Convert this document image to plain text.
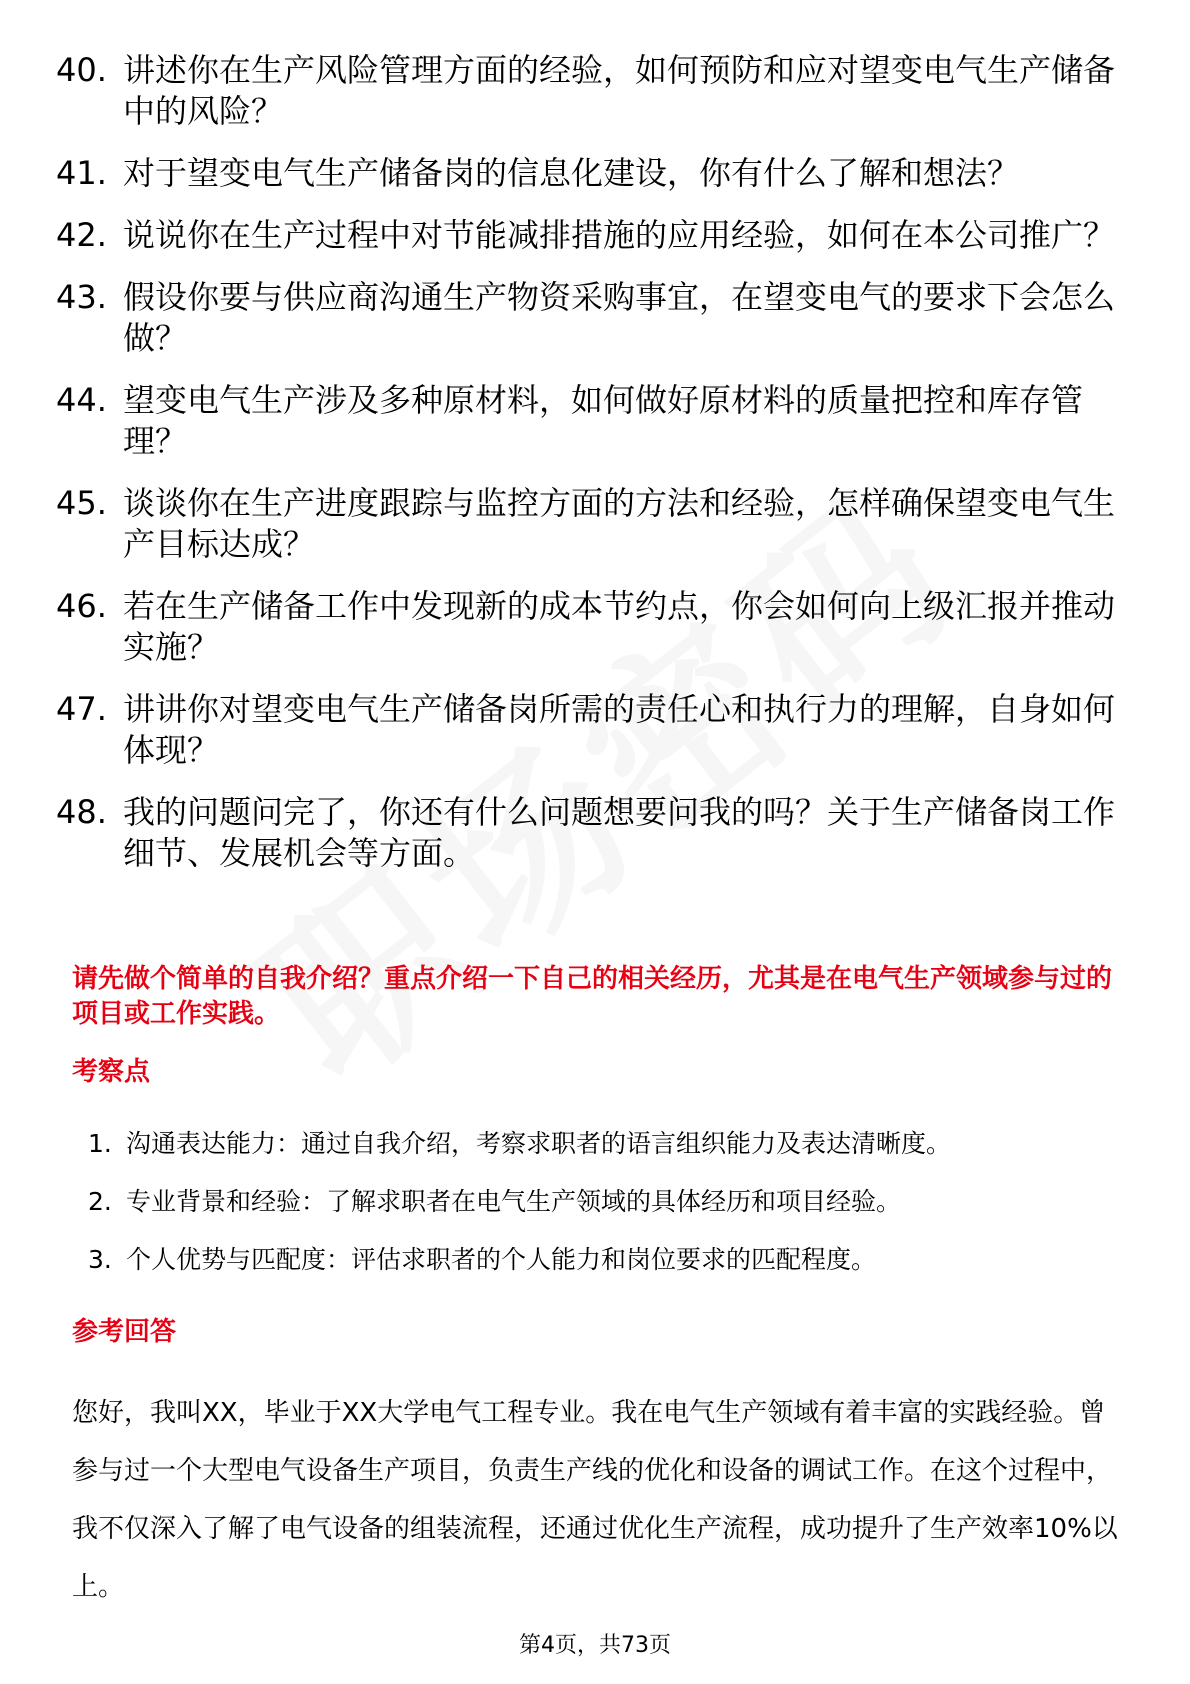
40. 讲述你在生产风险管理方面的经验，如何预防和应对望变电气生产储备中的风险？
41. 对于望变电气生产储备岗的信息化建设，你有什么了解和想法？
42. 说说你在生产过程中对节能减排措施的应用经验，如何在本公司推广？
43. 假设你要与供应商沟通生产物资采购事宜，在望变电气的要求下会怎么做？
44. 望变电气生产涉及多种原材料，如何做好原材料的质量把控和库存管理？
45. 谈谈你在生产进度跟踪与监控方面的方法和经验，怎样确保望变电气生产目标达成？
46. 若在生产储备工作中发现新的成本节约点，你会如何向上级汇报并推动实施？
47. 讲讲你对望变电气生产储备岗所需的责任心和执行力的理解，自身如何体现？
48. 我的问题问完了，你还有什么问题想要问我的吗？关于生产储备岗工作细节、发展机会等方面。

请先做个简单的自我介绍？重点介绍一下自己的相关经历，尤其是在电气生产领域参与过的项目或工作实践。

考察点
1. 沟通表达能力：通过自我介绍，考察求职者的语言组织能力及表达清晰度。
2. 专业背景和经验：了解求职者在电气生产领域的具体经历和项目经验。
3. 个人优势与匹配度：评估求职者的个人能力和岗位要求的匹配程度。
参考回答

您好，我叫XX，毕业于XX大学电气工程专业。我在电气生产领域有着丰富的实践经验。曾参与过一个大型电气设备生产项目，负责生产线的优化和设备的调试工作。在这个过程中，我不仅深入了解了电气设备的组装流程，还通过优化生产流程，成功提升了生产效率10%以上。

第4页，共73页
